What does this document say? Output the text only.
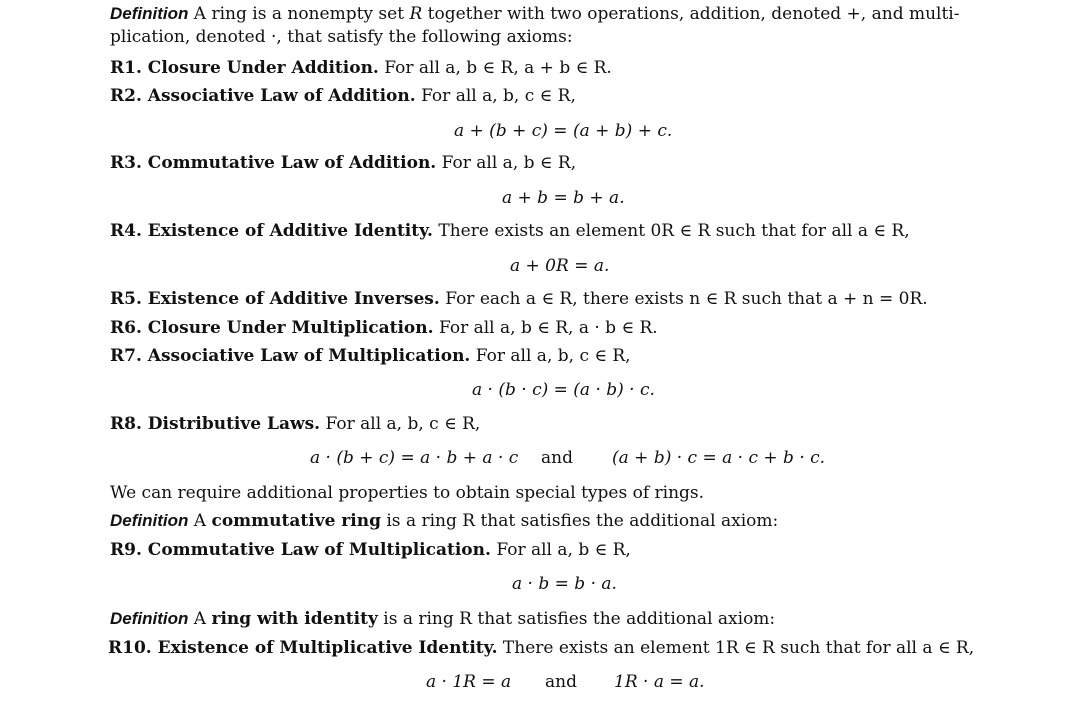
Definition A ring is a nonempty set R together with two operations, addition, denoted +, and multi-
plication, denoted ·, that satisfy the following axioms:
R1. Closure Under Addition. For all a, b ∈ R, a + b ∈ R.
R2. Associative Law of Addition. For all a, b, c ∈ R,
a + (b + c) = (a + b) + c.
R3. Commutative Law of Addition. For all a, b ∈ R,
a + b = b + a.
R4. Existence of Additive Identity. There exists an element 0R ∈ R such that for all a ∈ R,
a + 0R = a.
R5. Existence of Additive Inverses. For each a ∈ R, there exists n ∈ R such that a + n = 0R.
R6. Closure Under Multiplication. For all a, b ∈ R, a · b ∈ R.
R7. Associative Law of Multiplication. For all a, b, c ∈ R,
a · (b · c) = (a · b) · c.
R8. Distributive Laws. For all a, b, c ∈ R,
a · (b + c) = a · b + a · c and (a + b) · c = a · c + b · c.
We can require additional properties to obtain special types of rings.
Definition A commutative ring is a ring R that satisfies the additional axiom:
R9. Commutative Law of Multiplication. For all a, b ∈ R,
a · b = b · a.
Definition A ring with identity is a ring R that satisfies the additional axiom:
R10. Existence of Multiplicative Identity. There exists an element 1R ∈ R such that for all a ∈ R,
a · 1R = a and 1R · a = a.
